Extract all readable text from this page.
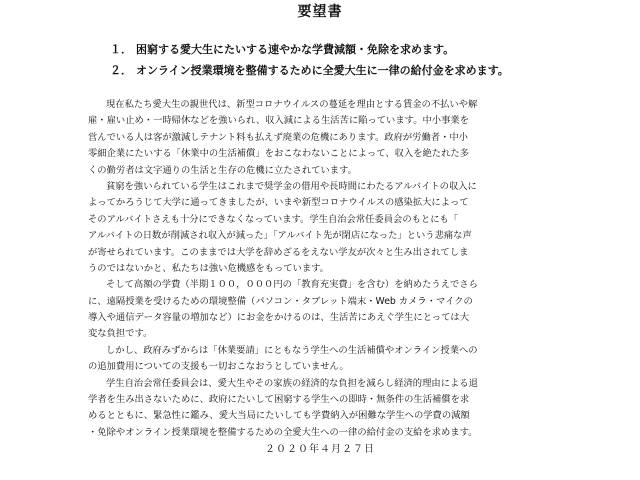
要望書
１． 困窮する愛大生にたいする速やかな学費減額・免除を求めます。
２． オンライン授業環境を整備するために全愛大生に一律の給付金を求めます。
現在私たち愛大生の親世代は、新型コロナウイルスの蔓延を理由とする賃金の不払いや解
雇・雇い止め・一時帰休などを強いられ、収入減による生活苦に陥っています。中小事業を
営んでいる人は客が激減しテナント料も払えず廃業の危機にあります。政府が労働者・中小
零細企業にたいする「休業中の生活補償」をおこなわないことによって、収入を絶たれた多
くの勤労者は文字通りの生活と生存の危機に立たされています。
貧窮を強いられている学生はこれまで奨学金の借用や長時間にわたるアルバイトの収入に
よってかろうじて大学に通ってきましたが、いまや新型コロナウイルスの感染拡大によって
そのアルバイトさえも十分にできなくなっています。学生自治会常任委員会のもとにも「
アルバイトの日数が削減され収入が減った」「アルバイト先が閉店になった」という悲痛な声
が寄せられています。このままでは大学を辞めざるをえない学友が次々と生み出されてしま
うのではないかと、私たちは強い危機感をもっています。
そして高額の学費（半期１００，０００円の「教育充実費」を含む）を納めたうえでさら
に、遠隔授業を受けるための環境整備（パソコン・タブレット端末・Web カメラ・マイクの
導入や通信データ容量の増加など）にお金をかけるのは、生活苦にあえぐ学生にとっては大
変な負担です。
しかし、政府みずからは「休業要請」にともなう学生への生活補償やオンライン授業への
の追加費用についての支援も一切おこなおうとしていません。
学生自治会常任委員会は、愛大生やその家族の経済的な負担を減らし経済的理由による退
学者を生み出さないために、政府にたいして困窮する学生への即時・無条件の生活補償を求
めるとともに、緊急性に鑑み、愛大当局にたいしても学費納入が困難な学生への学費の減額
・免除やオンライン授業環境を整備するための全愛大生への一律の給付金の支給を求めます。
２０２０年４月２７日
